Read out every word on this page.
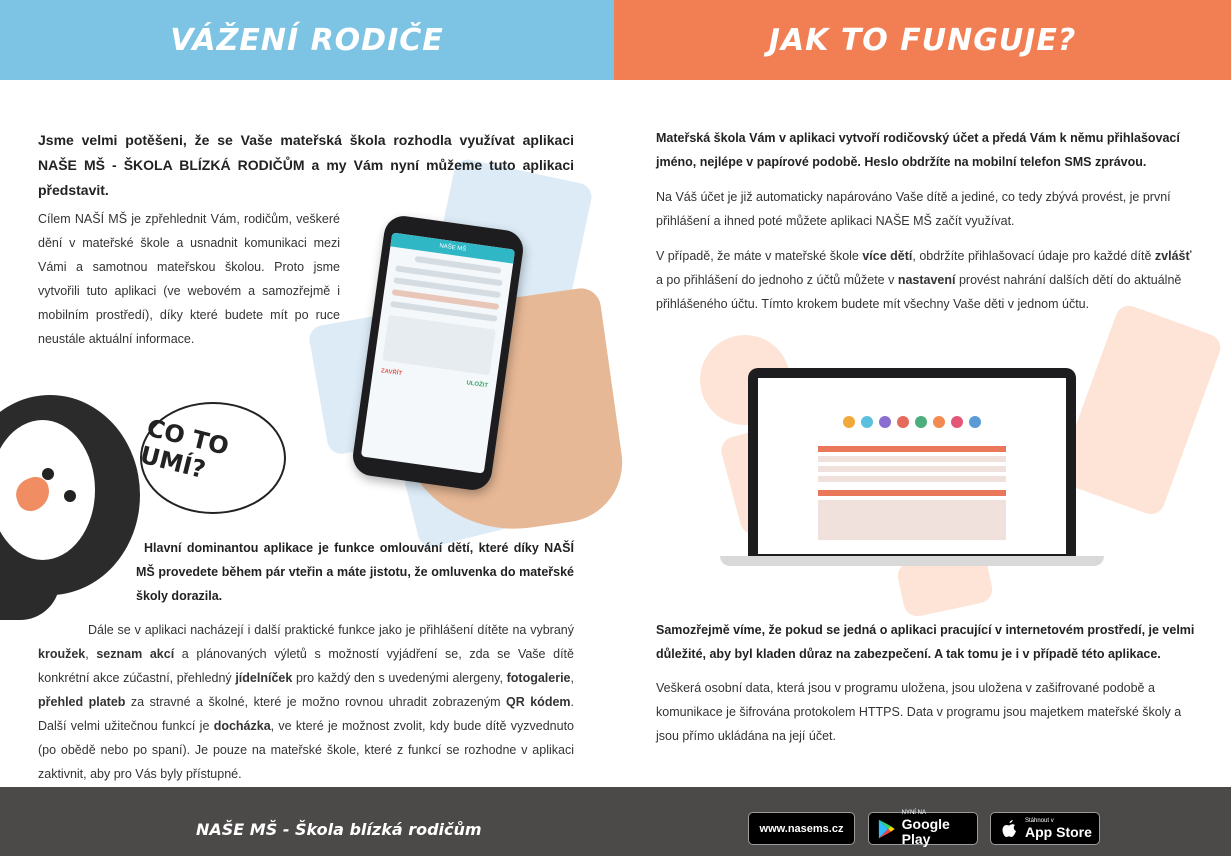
VÁŽENÍ RODIČE	JAK TO FUNGUJE?

Jsme velmi potěšeni, že se Vaše mateřská škola rozhodla využívat aplikaci NAŠE MŠ - ŠKOLA BLÍZKÁ RODIČŮM a my Vám nyní můžeme tuto aplikaci představit.

Cílem NAŠÍ MŠ je zpřehlednit Vám, rodičům, veškeré dění v mateřské škole a usnadnit komunikaci mezi Vámi a samotnou mateřskou školou. Proto jsme vytvořili tuto aplikaci (ve webovém a samozřejmě i mobilním prostředí), díky které budete mít po ruce neustále aktuální informace.

NAŠE MŠ
ZAVŘÍT
ULOŽIT
CO TO UMÍ?

Hlavní dominantou aplikace je funkce omlouvání dětí, které díky NAŠÍ MŠ provedete během pár vteřin a máte jistotu, že omluvenka do mateřské školy dorazila.

Dále se v aplikaci nacházejí i další praktické funkce jako je přihlášení dítěte na vybraný kroužek, seznam akcí a plánovaných výletů s možností vyjádření se, zda se Vaše dítě konkrétní akce zúčastní, přehledný jídelníček pro každý den s uvedenými alergeny, fotogalerie, přehled plateb za stravné a školné, které je možno rovnou uhradit zobrazeným QR kódem. Další velmi užitečnou funkcí je docházka, ve které je možnost zvolit, kdy bude dítě vyzvednuto (po obědě nebo po spaní). Je pouze na mateřské škole, které z funkcí se rozhodne v aplikaci zaktivnit, aby pro Vás byly přístupné.

Mateřská škola Vám v aplikaci vytvoří rodičovský účet a předá Vám k němu přihlašovací jméno, nejlépe v papírové podobě. Heslo obdržíte na mobilní telefon SMS zprávou.

Na Váš účet je již automaticky napárováno Vaše dítě a jediné, co tedy zbývá provést, je první přihlášení a ihned poté můžete aplikaci NAŠE MŠ začít využívat.

V případě, že máte v mateřské škole více dětí, obdržíte přihlašovací údaje pro každé dítě zvlášť a po přihlášení do jednoho z účtů můžete v nastavení provést nahrání dalších dětí do aktuálně přihlášeného účtu. Tímto krokem budete mít všechny Vaše děti v jednom účtu.

Samozřejmě víme, že pokud se jedná o aplikaci pracující v internetovém prostředí, je velmi důležité, aby byl kladen důraz na zabezpečení. A tak tomu je i v případě této aplikace.

Veškerá osobní data, která jsou v programu uložena, jsou uložena v zašifrované podobě a komunikace je šifrována protokolem HTTPS. Data v programu jsou majetkem mateřské školy a jsou přímo ukládána na její účet.

NAŠE MŠ - Škola blízká rodičům	www.nasems.cz
NYNÍ NA
Google Play
Stáhnout v
App Store
